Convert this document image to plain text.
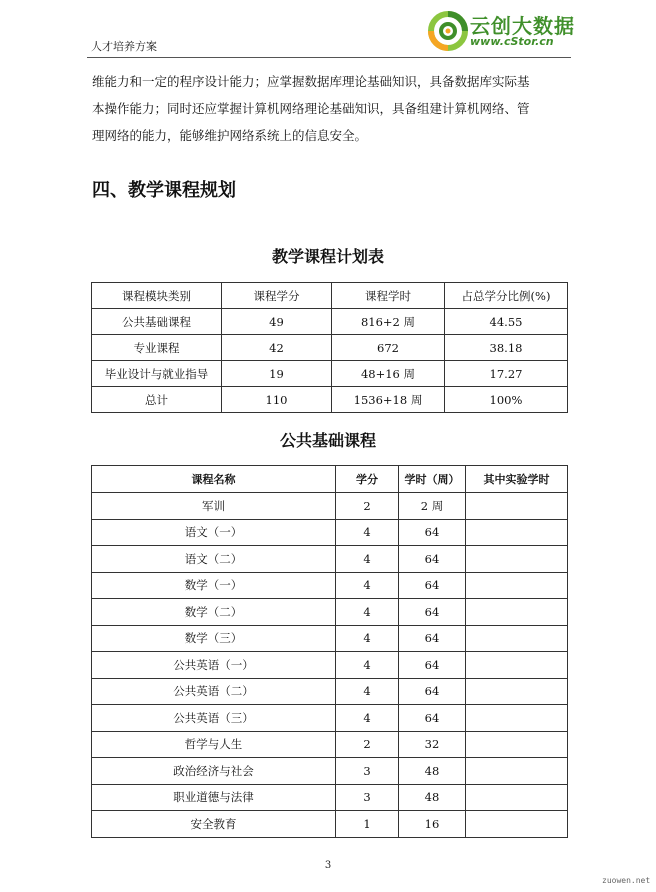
人才培养方案
云创大数据
www.cStor.cn
维能力和一定的程序设计能力；应掌握数据库理论基础知识，具备数据库实际基
本操作能力；同时还应掌握计算机网络理论基础知识，具备组建计算机网络、管
理网络的能力，能够维护网络系统上的信息安全。
四、教学课程规划
教学课程计划表
课程模块类别	课程学分	课程学时	占总学分比例(%)
公共基础课程	49	816+2 周	44.55
专业课程	42	672	38.18
毕业设计与就业指导	19	48+16 周	17.27
总计	110	1536+18 周	100%
公共基础课程
课程名称	学分	学时（周）	其中实验学时
军训	2	2 周	
语文（一）	4	64	
语文（二）	4	64	
数学（一）	4	64	
数学（二）	4	64	
数学（三）	4	64	
公共英语（一）	4	64	
公共英语（二）	4	64	
公共英语（三）	4	64	
哲学与人生	2	32	
政治经济与社会	3	48	
职业道德与法律	3	48	
安全教育	1	16	
3
zuowen.net
